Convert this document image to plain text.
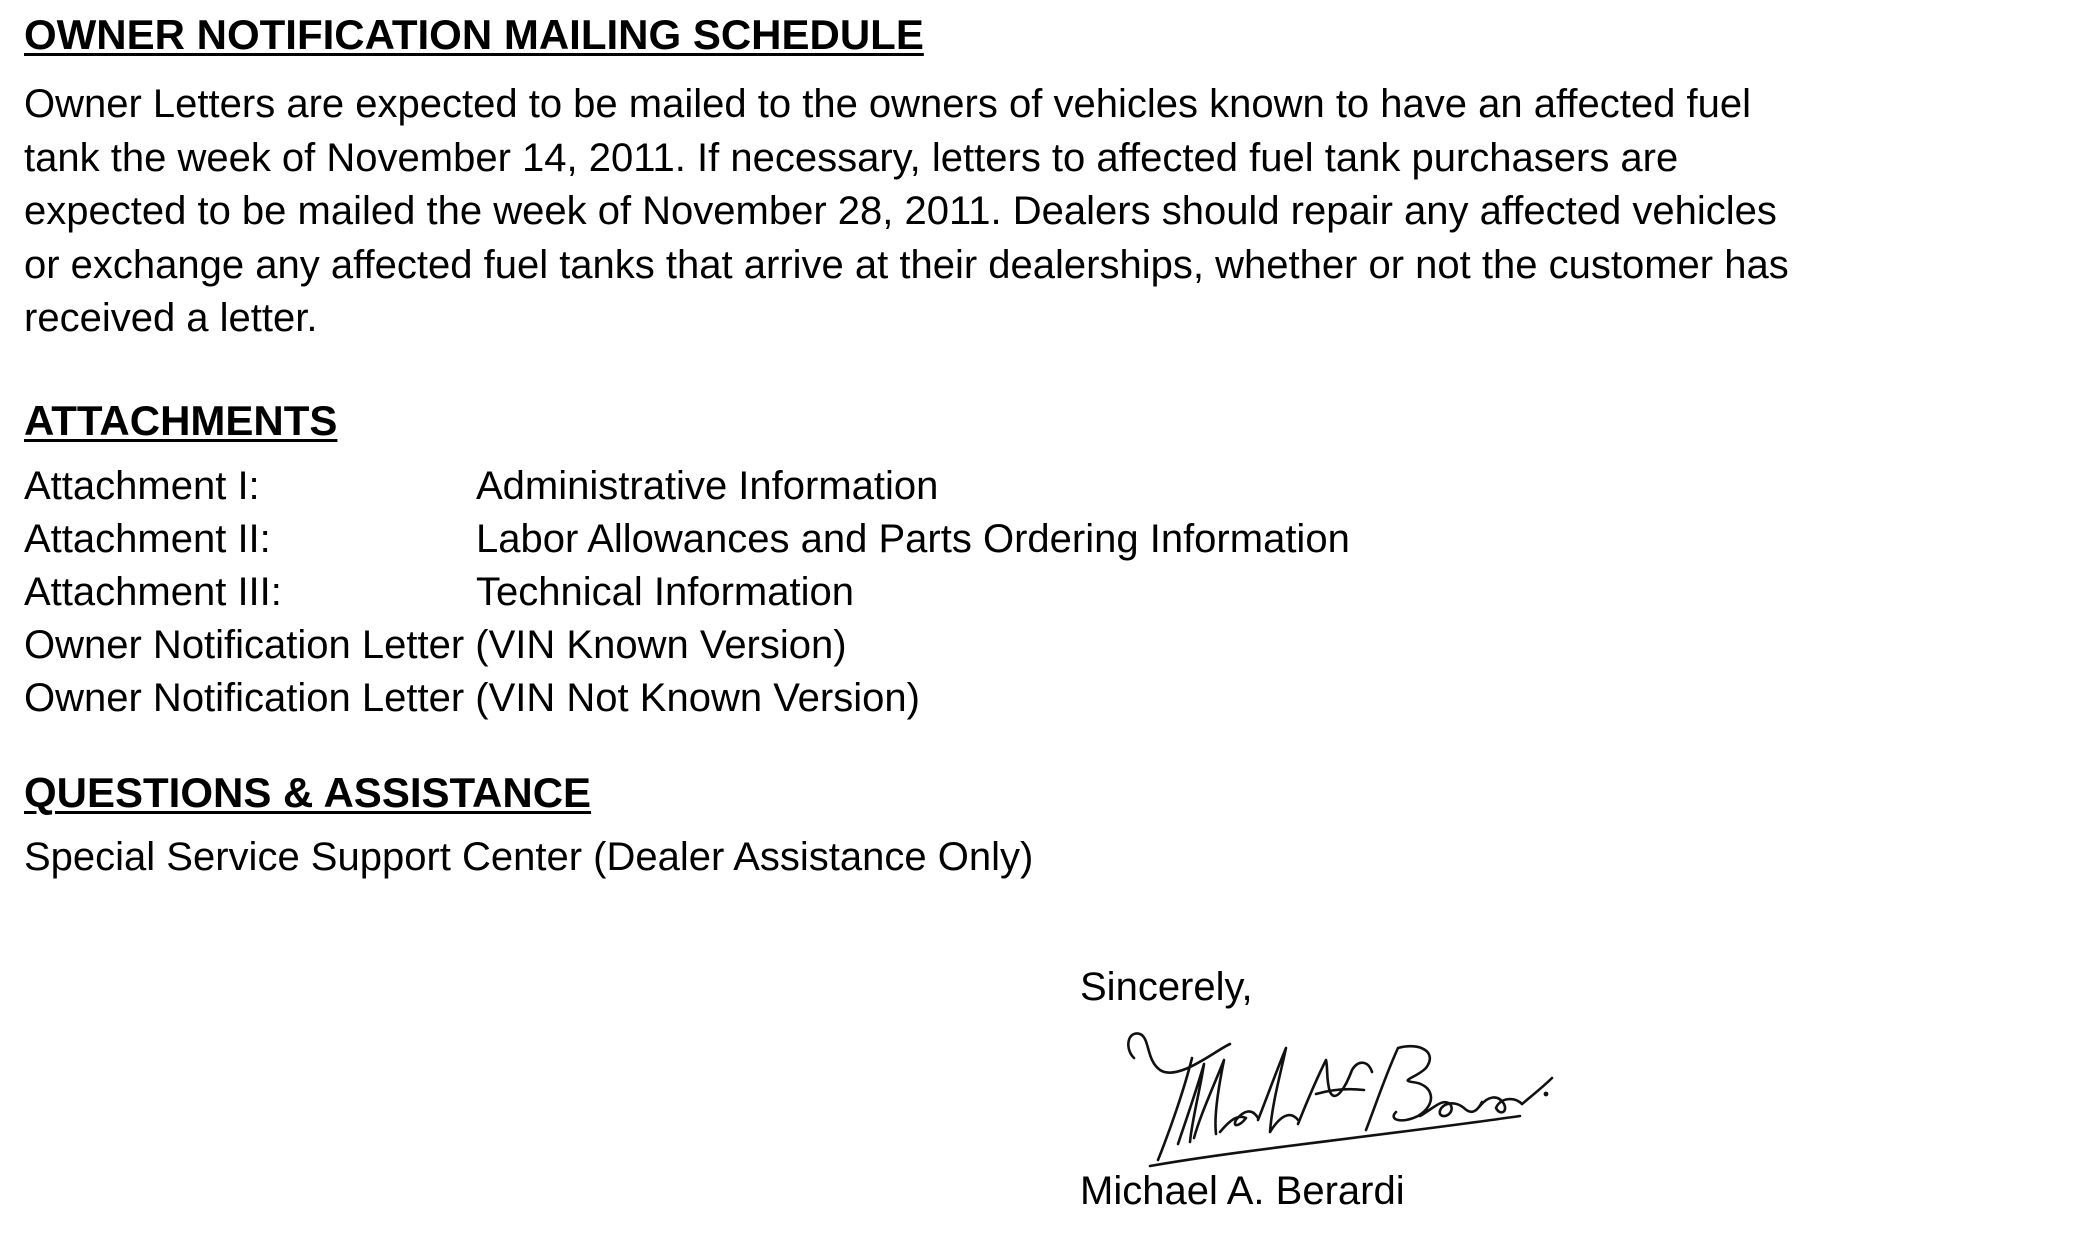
OWNER NOTIFICATION MAILING SCHEDULE

Owner Letters are expected to be mailed to the owners of vehicles known to have an affected fuel
tank the week of November 14, 2011. If necessary, letters to affected fuel tank purchasers are
expected to be mailed the week of November 28, 2011. Dealers should repair any affected vehicles
or exchange any affected fuel tanks that arrive at their dealerships, whether or not the customer has
received a letter.

ATTACHMENTS
Attachment I:	Administrative Information
Attachment II:	Labor Allowances and Parts Ordering Information
Attachment III:	Technical Information
Owner Notification Letter (VIN Known Version)
Owner Notification Letter (VIN Not Known Version)
QUESTIONS & ASSISTANCE
Special Service Support Center (Dealer Assistance Only)
Sincerely,
Michael A. Berardi
